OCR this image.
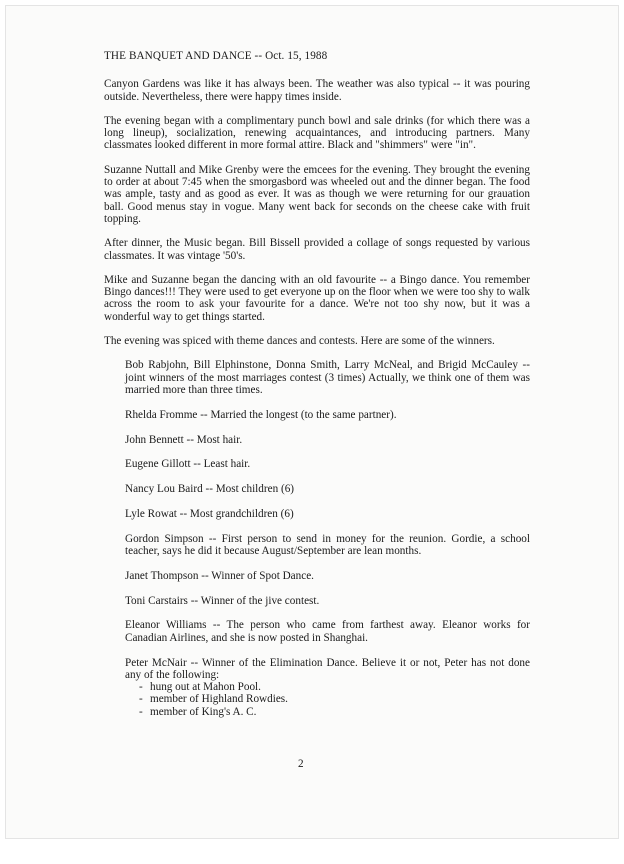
THE BANQUET AND DANCE -- Oct. 15, 1988

Canyon Gardens was like it has always been. The weather was also typical -- it was pouring outside. Nevertheless, there were happy times inside.

The evening began with a complimentary punch bowl and sale drinks (for which there was a long lineup), socialization, renewing acquaintances, and introducing partners. Many classmates looked different in more formal attire. Black and "shimmers" were "in".

Suzanne Nuttall and Mike Grenby were the emcees for the evening. They brought the evening to order at about 7:45 when the smorgasbord was wheeled out and the dinner began. The food was ample, tasty and as good as ever. It was as though we were returning for our grauation ball. Good menus stay in vogue. Many went back for seconds on the cheese cake with fruit topping.

After dinner, the Music began. Bill Bissell provided a collage of songs requested by various classmates. It was vintage '50's.

Mike and Suzanne began the dancing with an old favourite -- a Bingo dance. You remember Bingo dances!!! They were used to get everyone up on the floor when we were too shy to walk across the room to ask your favourite for a dance. We're not too shy now, but it was a wonderful way to get things started.

The evening was spiced with theme dances and contests. Here are some of the winners.

Bob Rabjohn, Bill Elphinstone, Donna Smith, Larry McNeal, and Brigid McCauley -- joint winners of the most marriages contest (3 times) Actually, we think one of them was married more than three times.
Rhelda Fromme -- Married the longest (to the same partner).
John Bennett -- Most hair.
Eugene Gillott -- Least hair.
Nancy Lou Baird -- Most children (6)
Lyle Rowat -- Most grandchildren (6)
Gordon Simpson -- First person to send in money for the reunion. Gordie, a school teacher, says he did it because August/September are lean months.
Janet Thompson -- Winner of Spot Dance.
Toni Carstairs -- Winner of the jive contest.
Eleanor Williams -- The person who came from farthest away. Eleanor works for Canadian Airlines, and she is now posted in Shanghai.
Peter McNair -- Winner of the Elimination Dance. Believe it or not, Peter has not done any of the following:
- hung out at Mahon Pool.
- member of Highland Rowdies.
- member of King's A. C.
2
